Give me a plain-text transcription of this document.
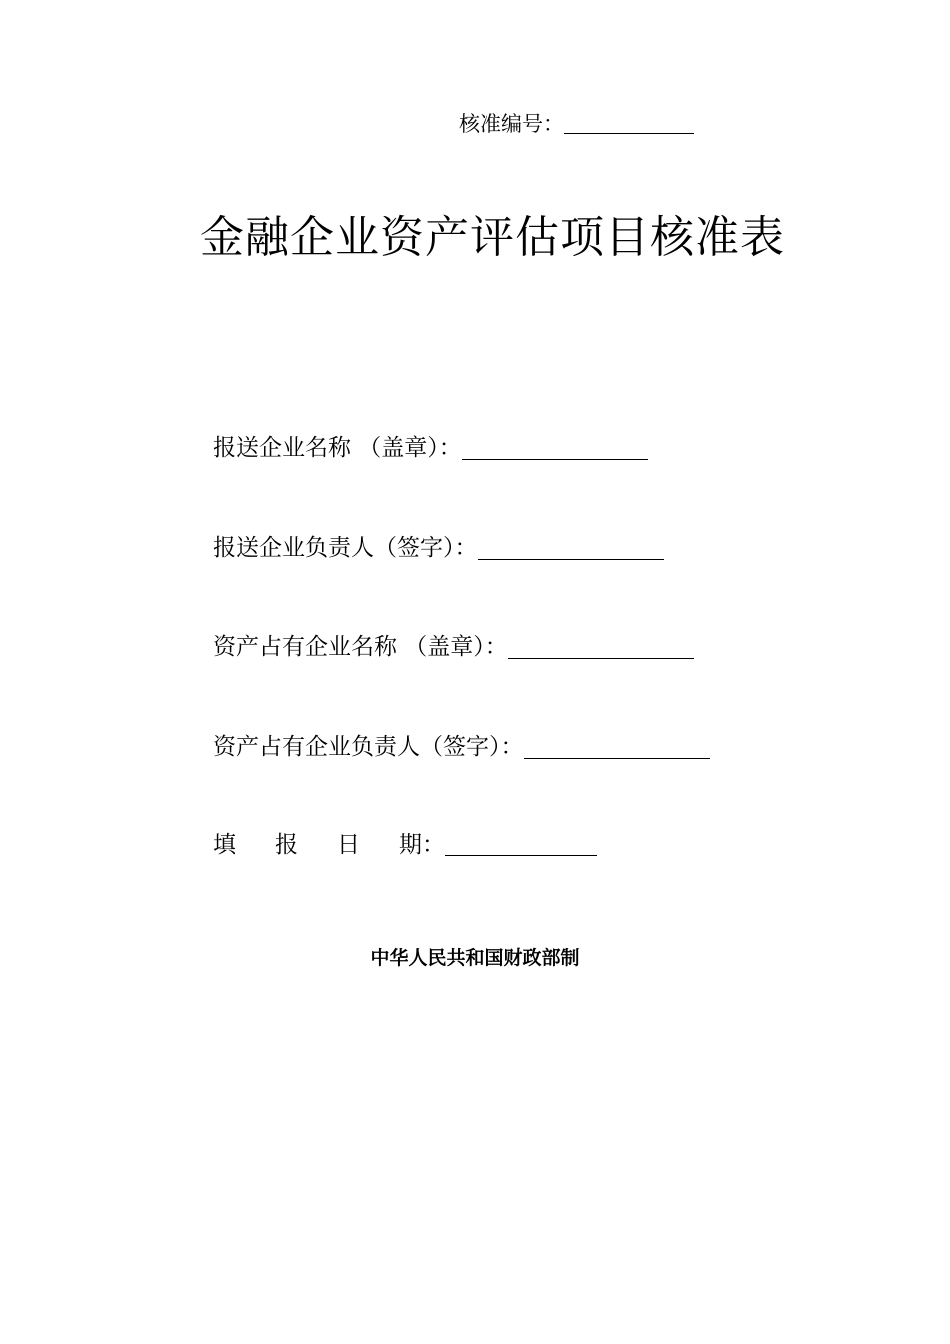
核准编号：
金融企业资产评估项目核准表
报送企业名称 （盖章）：
报送企业负责人（签字）：
资产占有企业名称 （盖章）：
资产占有企业负责人（签字）：
填 报 日 期：
中华人民共和国财政部制
